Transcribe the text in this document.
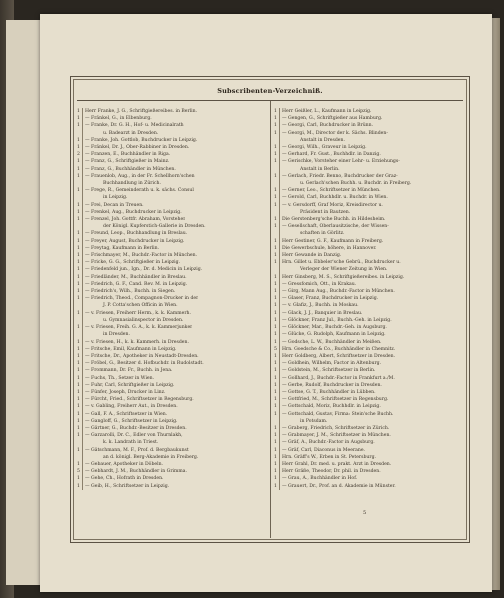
Subscribenten-Verzeichniß.
1	Herr Franke, J. G., Schriftgießereibes. in Berlin.
1	— Fränkel, G., in Elbenburg.
1	— Franke, Dr. G. H., Hof- u. Medicinalrath
u. Badearzt in Dresden.
1	— Franke, Joh. Gottlob, Buchdrucker in Leipzig.
1	— Fränkel, Dr. J., Ober-Rabbiner in Dresden.
2	— Franzen, E., Buchhändler in Riga.
1	— Franz, G., Schriftgießer in Mainz.
1	— Franz, G., Buchhändler in München.
1	— Frauenlob, Aug., in der Fr. Schellhorn'schen
Buchhandlung in Zürich.
1	— Frege, R., Gemeinderath u. k. sächs. Consul
in Leipzig.
1	— Frei, Decan in Treuen.
1	— Frenkel, Aug., Buchdrucker in Leipzig.
1	— Frenzel, Joh. Gottfr. Abraham, Vorsteher
der Königl. Kupferstich-Gallerie in Dresden.
1	— Freund, Leop., Buchhandlung in Breslau.
1	— Freyer, August, Buchdrucker in Leipzig.
1	— Freytag, Kaufmann in Berlin.
1	— Frischmayer, M., Buchdr.-Factor in München.
1	— Fricke, G. G., Schriftgießer in Leipzig.
1	— Friedenfeld jun., Ign., Dr. d. Medicin in Leipzig.
1	— Friedländer, M., Buchhändler in Breslau.
1	— Friedrich, G. F., Cand. Rev. M. in Leipzig.
1	— Friedrich's, Wilh., Buchh. in Siegen.
1	— Friedrich, Theod., Compagnon-Drucker in der
J. P. Cotta'schen Officin in Wien.
1	— v. Friesen, Freiherr Herm., k. k. Kammerh.
u. Gymnasialinspector in Dresden.
1	— v. Friesen, Freih. G. A., k. k. Kammerjunker
in Dresden.
1	— v. Friesen, H., k. k. Kammerh. in Dresden.
1	— Fritsche, Emil, Kaufmann in Leipzig.
1	— Fritsche, Dr., Apotheker in Neustadt-Dresden.
1	— Fröbel, G., Besitzer d. Hofbuchdr. in Rudolstadt.
1	— Frommann, Dr. Fr., Buchh. in Jena.
1	— Fuchs, Th., Setzer in Wien.
1	— Fuhr, Carl, Schriftgießer in Leipzig.
1	— Fünfer, Joseph, Drucker in Linz.
1	— Fürcht, Fried., Schriftsetzer in Regensburg.
1	— v. Gabling, Freiherr Aut., in Dresden.
1	— Gall, F. A., Schriftsetzer in Wien.
1	— Gangloff, G., Schriftsetzer in Leipzig.
1	— Gärtner, G., Buchdr.-Besitzer in Dresden.
1	— Garzarolli, Dr. C., Edler von Thurnlakh,
k. k. Landrath in Triest.
1	— Gätschmann, M. F., Prof. d. Bergbaukunst
an d. königl. Berg-Akademie in Freiberg.
1	— Gebauer, Apotheker in Döbeln.
5	— Gebhardt, J. M., Buchhändler in Grimma.
1	— Gehe, Ch., Hofrath in Dresden.
1	— Geib, H., Schriftsetzer in Leipzig.
1	Herr Geißler, L., Kaufmann in Leipzig.
1	— Gengen, G., Schriftgießer aus Hamburg.
1	— Georgi, Carl, Buchdrucker in Brünn.
1	— Georgi, M., Director der k. Sächs. Blinden-
Anstalt in Dresden.
1	— Georgi, Wilh., Graveur in Leipzig.
1	— Gerhard, Fr. Gust., Buchhdlr. in Danzig.
1	— Gerischke, Vorsteher einer Lehr- u. Erziehungs-
Anstalt in Berlin.
1	— Gerlach, Friedr. Benno, Buchdrucker der Graz-
u. Gerlach'schen Buchh. u. Buchdr. in Freiberg.
1	— Gerner, Leo., Schriftsetzer in München.
1	— Gerold, Carl, Buchhdlr. u. Buchdr. in Wien.
1	— v. Gersdorff, Graf Moriz, Kreisdirector u.
Präsident in Bautzen.
1	Die Gerstenberg'sche Buchh. in Hildesheim.
1	— Gesellschaft, Oberlausitzische, der Wissen-
schaften in Görlitz.
1	Herr Gestiner, G. F., Kaufmann in Freiberg.
1	Die Gewerbschule, höhere, in Hannover.
1	Herr Gewande in Danzig.
1	Hrn. Gillet u. Ebbeler'sche Gebrü., Buchdrucker u.
Verleger der Wiener Zeitung in Wien.
1	Herr Ginsberg, M. S., Schriftgießereibes. in Leipzig.
1	— Gressfomich, Ott., in Krakau.
1	— Girg, Mann Aug., Buchdr.-Factor in München.
1	— Glaser, Franz, Buchdrucker in Leipzig.
1	— v. Glafiz, J., Buchh. in Moskau.
1	— Glack, J. J., Banquier in Breslau.
1	— Glöckner, Franz Jul., Buchh.-Geh. in Leipzig.
1	— Glöckner, Mar., Buchdr.-Geh. in Augsburg.
1	— Glücke, G. Rudolph, Kaufmann in Leipzig.
1	— Godsche, L. W., Buchhändler in Meißen.
5	Hrn. Goedsche & Co., Buchhändler in Chemnitz.
1	Herr Goldberg, Albert, Schriftsetzer in Dresden.
1	— Goldhein, Wilhelm, Factor in Altenburg.
1	— Goldstein, M., Schriftsetzer in Berlin.
1	— Gollhard, J., Buchdr.-Factor in Frankfurt a./M.
1	— Gerbe, Rudolf, Buchdrucker in Dresden.
1	— Gottse, G. T., Buchhändler in Lübben.
1	— Gottfried, M., Schriftsetzer in Regensburg.
1	— Gottschald, Moriz, Buchhdlr. in Leipzig.
1	— Gottschald, Gustav, Firma: Stein'sche Buchh.
in Potsdam.
1	— Graberg, Friedrich, Schriftsetzer in Zürich.
1	— Grabmayer, J. M., Schriftsetzer in München.
1	— Gräf, A., Buchdr.-Factor in Augsburg.
1	— Gräf, Carl, Diaconus in Meerane.
1	Hrn. Gräff's W., Erben in St. Petersburg.
1	Herr Grahl, Dr. med. u. prakt. Arzt in Dresden.
1	Herr Gräße, Theodor, Dr. phil. in Dresden.
1	— Grau, A., Buchhändler in Hof.
1	— Grauert, Dr., Prof. an d. Akademie in Münster.
5
